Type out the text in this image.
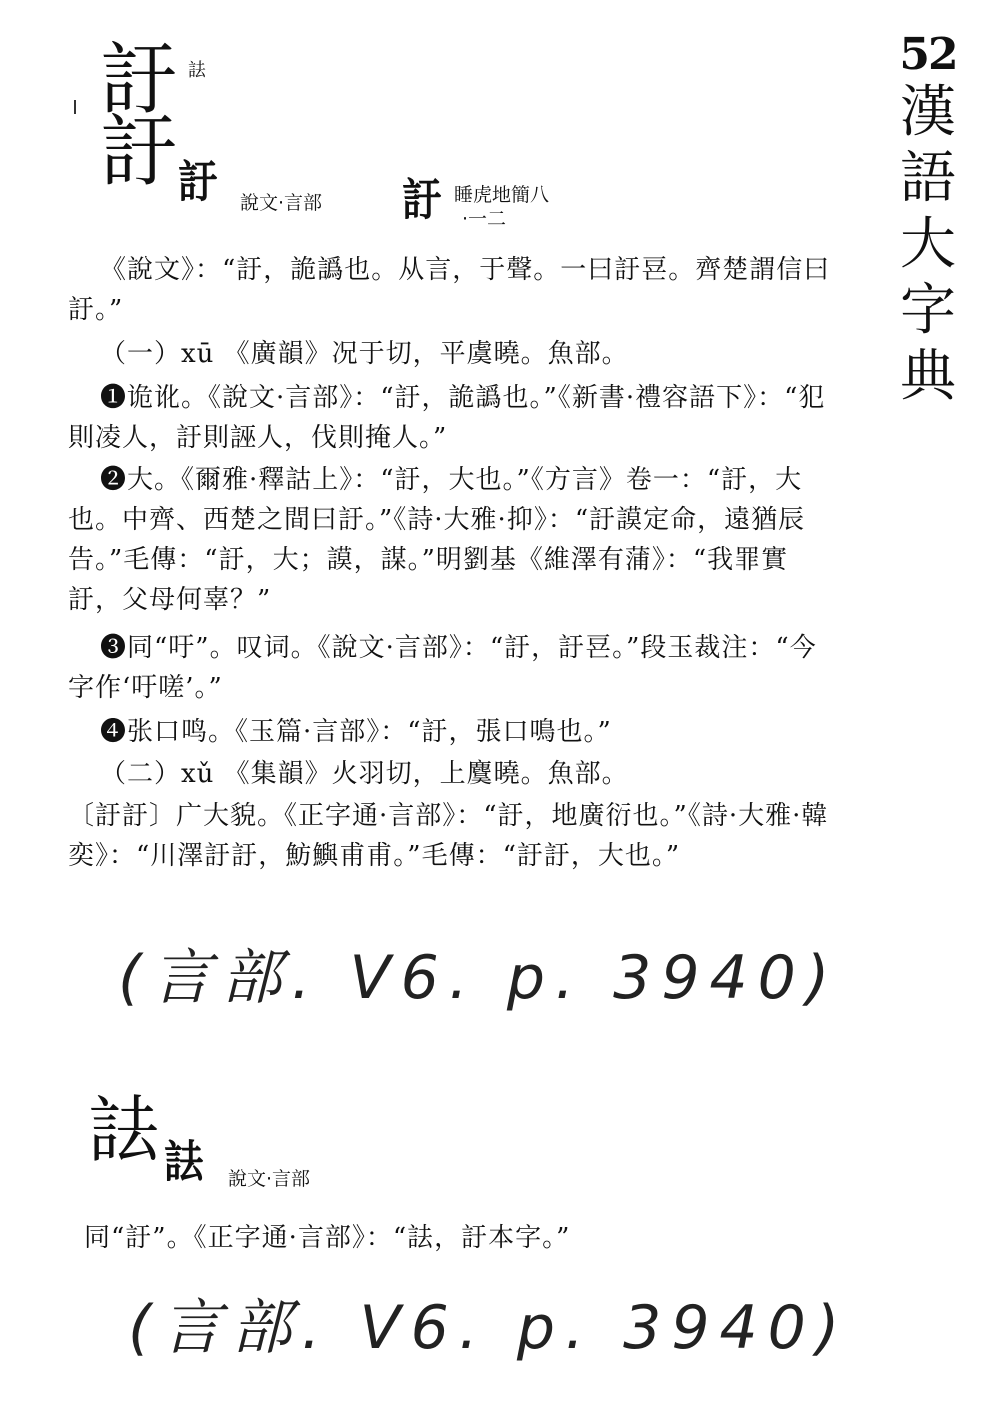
52
漢
語
大
字
典
訏 詓
訏 訏 說文·言部 訏 睡虎地簡八
·一二

《說文》：“訏，詭譌也。从言，于聲。一曰訏䜳。齊楚謂信曰訏。”

（一）xū 《廣韻》况于切，平虞曉。魚部。

❶诡讹。《說文·言部》：“訏，詭譌也。”《新書·禮容語下》：“犯則凌人，訏則誣人，伐則掩人。”

❷大。《爾雅·釋詁上》：“訏，大也。”《方言》卷一：“訏，大也。中齊、西楚之間曰訏。”《詩·大雅·抑》：“訏謨定命，遠猶辰告。”毛傳：“訏，大；謨，謀。”明劉基《維澤有蒲》：“我罪實訏，父母何辜？”

❸同“吁”。叹词。《說文·言部》：“訏，訏䜳。”段玉裁注：“今字作‘吁嗟’。”

❹张口鸣。《玉篇·言部》：“訏，張口鳴也。”

（二）xǔ 《集韻》火羽切，上麌曉。魚部。

〔訏訏〕广大貌。《正字通·言部》：“訏，地廣衍也。”《詩·大雅·韓奕》：“川澤訏訏，魴鱮甫甫。”毛傳：“訏訏，大也。”

(言部. V6. p. 3940)
詓 詓 說文·言部

同“訏”。《正字通·言部》：“詓，訏本字。”

(言部. V6. p. 3940)
